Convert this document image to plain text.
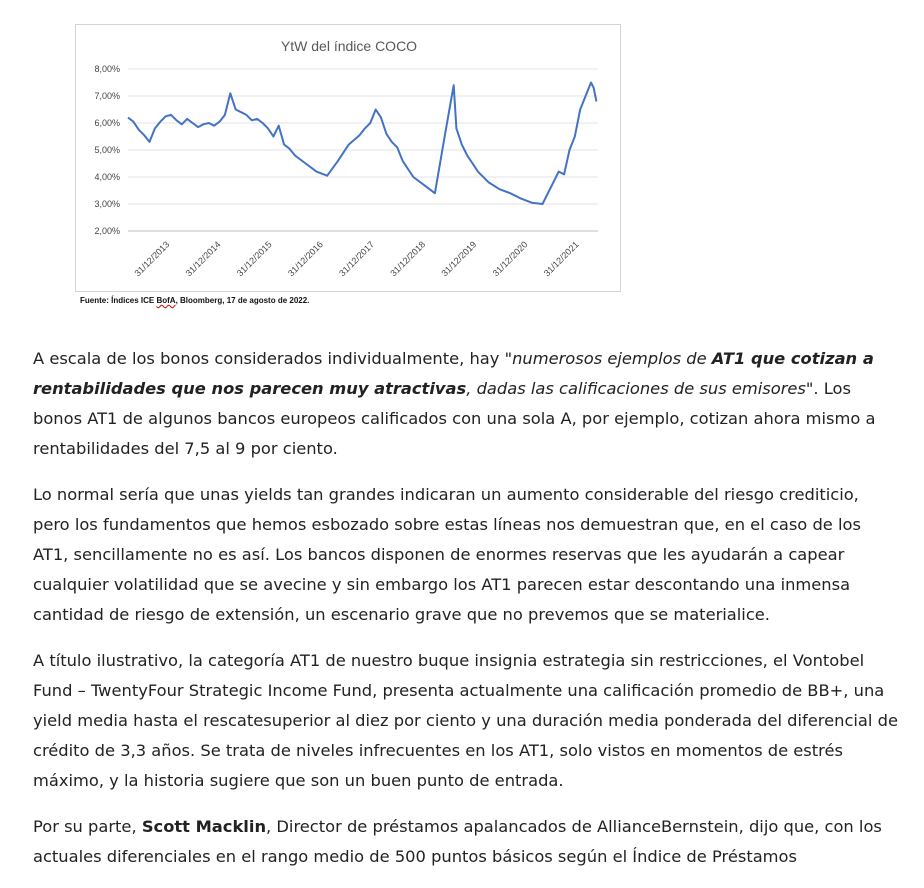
YtW del índice COCO
2,00%
3,00%
4,00%
5,00%
6,00%
7,00%
8,00%
31/12/2013 31/12/2014 31/12/2015 31/12/2016 31/12/2017 31/12/2018 31/12/2019 31/12/2020 31/12/2021
Fuente: Índices ICE BofA, Bloomberg, 17 de agosto de 2022.

A escala de los bonos considerados individualmente, hay "numerosos ejemplos de AT1 que cotizan a rentabilidades que nos parecen muy atractivas, dadas las calificaciones de sus emisores". Los bonos AT1 de algunos bancos europeos calificados con una sola A, por ejemplo, cotizan ahora mismo a rentabilidades del 7,5 al 9 por ciento.

Lo normal sería que unas yields tan grandes indicaran un aumento considerable del riesgo crediticio, pero los fundamentos que hemos esbozado sobre estas líneas nos demuestran que, en el caso de los AT1, sencillamente no es así. Los bancos disponen de enormes reservas que les ayudarán a capear cualquier volatilidad que se avecine y sin embargo los AT1 parecen estar descontando una inmensa cantidad de riesgo de extensión, un escenario grave que no prevemos que se materialice.

A título ilustrativo, la categoría AT1 de nuestro buque insignia estrategia sin restricciones, el Vontobel Fund – TwentyFour Strategic Income Fund, presenta actualmente una calificación promedio de BB+, una yield media hasta el rescatesuperior al diez por ciento y una duración media ponderada del diferencial de crédito de 3,3 años. Se trata de niveles infrecuentes en los AT1, solo vistos en momentos de estrés máximo, y la historia sugiere que son un buen punto de entrada.

Por su parte, Scott Macklin, Director de préstamos apalancados de AllianceBernstein, dijo que, con los actuales diferenciales en el rango medio de 500 puntos básicos según el Índice de Préstamos
